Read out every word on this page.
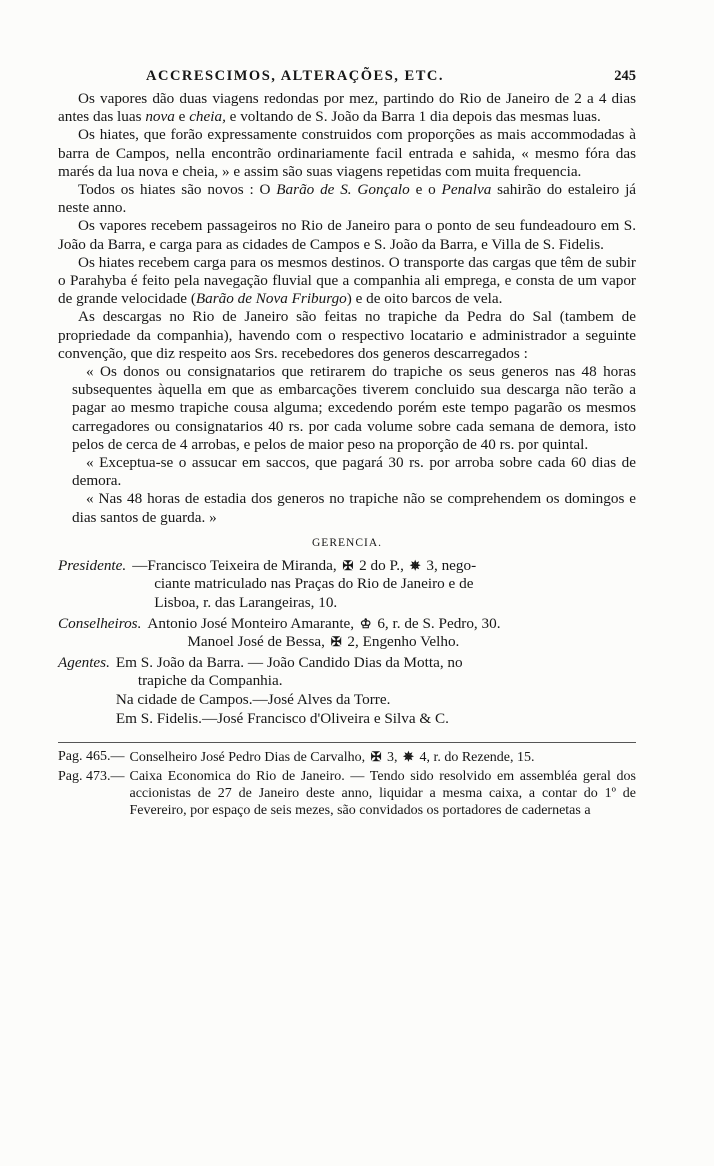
ACCRESCIMOS, ALTERAÇÕES, ETC.	245

Os vapores dão duas viagens redondas por mez, partindo do Rio de Janeiro de 2 a 4 dias antes das luas nova e cheia, e voltando de S. João da Barra 1 dia depois das mesmas luas.

Os hiates, que forão expressamente construidos com proporções as mais accommodadas à barra de Campos, nella encontrão ordinariamente facil entrada e sahida, « mesmo fóra das marés da lua nova e cheia, » e assim são suas viagens repetidas com muita frequencia.

Todos os hiates são novos : O Barão de S. Gonçalo e o Penalva sahirão do estaleiro já neste anno.

Os vapores recebem passageiros no Rio de Janeiro para o ponto de seu fundeadouro em S. João da Barra, e carga para as cidades de Campos e S. João da Barra, e Villa de S. Fidelis.

Os hiates recebem carga para os mesmos destinos. O transporte das cargas que têm de subir o Parahyba é feito pela navegação fluvial que a companhia ali emprega, e consta de um vapor de grande velocidade (Barão de Nova Friburgo) e de oito barcos de vela.

As descargas no Rio de Janeiro são feitas no trapiche da Pedra do Sal (tambem de propriedade da companhia), havendo com o respectivo locatario e administrador a seguinte convenção, que diz respeito aos Srs. recebedores dos generos descarregados :

« Os donos ou consignatarios que retirarem do trapiche os seus generos nas 48 horas subsequentes àquella em que as embarcações tiverem concluido sua descarga não terão a pagar ao mesmo trapiche cousa alguma; excedendo porém este tempo pagarão os mesmos carregadores ou consignatarios 40 rs. por cada volume sobre cada semana de demora, isto pelos de cerca de 4 arrobas, e pelos de maior peso na proporção de 40 rs. por quintal.

« Exceptua-se o assucar em saccos, que pagará 30 rs. por arroba sobre cada 60 dias de demora.

« Nas 48 horas de estadia dos generos no trapiche não se comprehendem os domingos e dias santos de guarda. »

GERENCIA.
Presidente. —Francisco Teixeira de Miranda, ✠ 2 do P., ✵ 3, nego-
ciante matriculado nas Praças do Rio de Janeiro e de
Lisboa, r. das Larangeiras, 10.
Conselheiros. Antonio José Monteiro Amarante, ♔ 6, r. de S. Pedro, 30.
Manoel José de Bessa, ✠ 2, Engenho Velho.
Agentes. Em S. João da Barra. — João Candido Dias da Motta, no
trapiche da Companhia.
Na cidade de Campos.—José Alves da Torre.
Em S. Fidelis.—José Francisco d'Oliveira e Silva & C.
Pag. 465.— Conselheiro José Pedro Dias de Carvalho, ✠ 3, ✵ 4, r. do Rezende, 15.
Pag. 473.— Caixa Economica do Rio de Janeiro. — Tendo sido resolvido em assembléa geral dos accionistas de 27 de Janeiro deste anno, liquidar a mesma caixa, a contar do 1º de Fevereiro, por espaço de seis mezes, são convidados os portadores de cadernetas a
